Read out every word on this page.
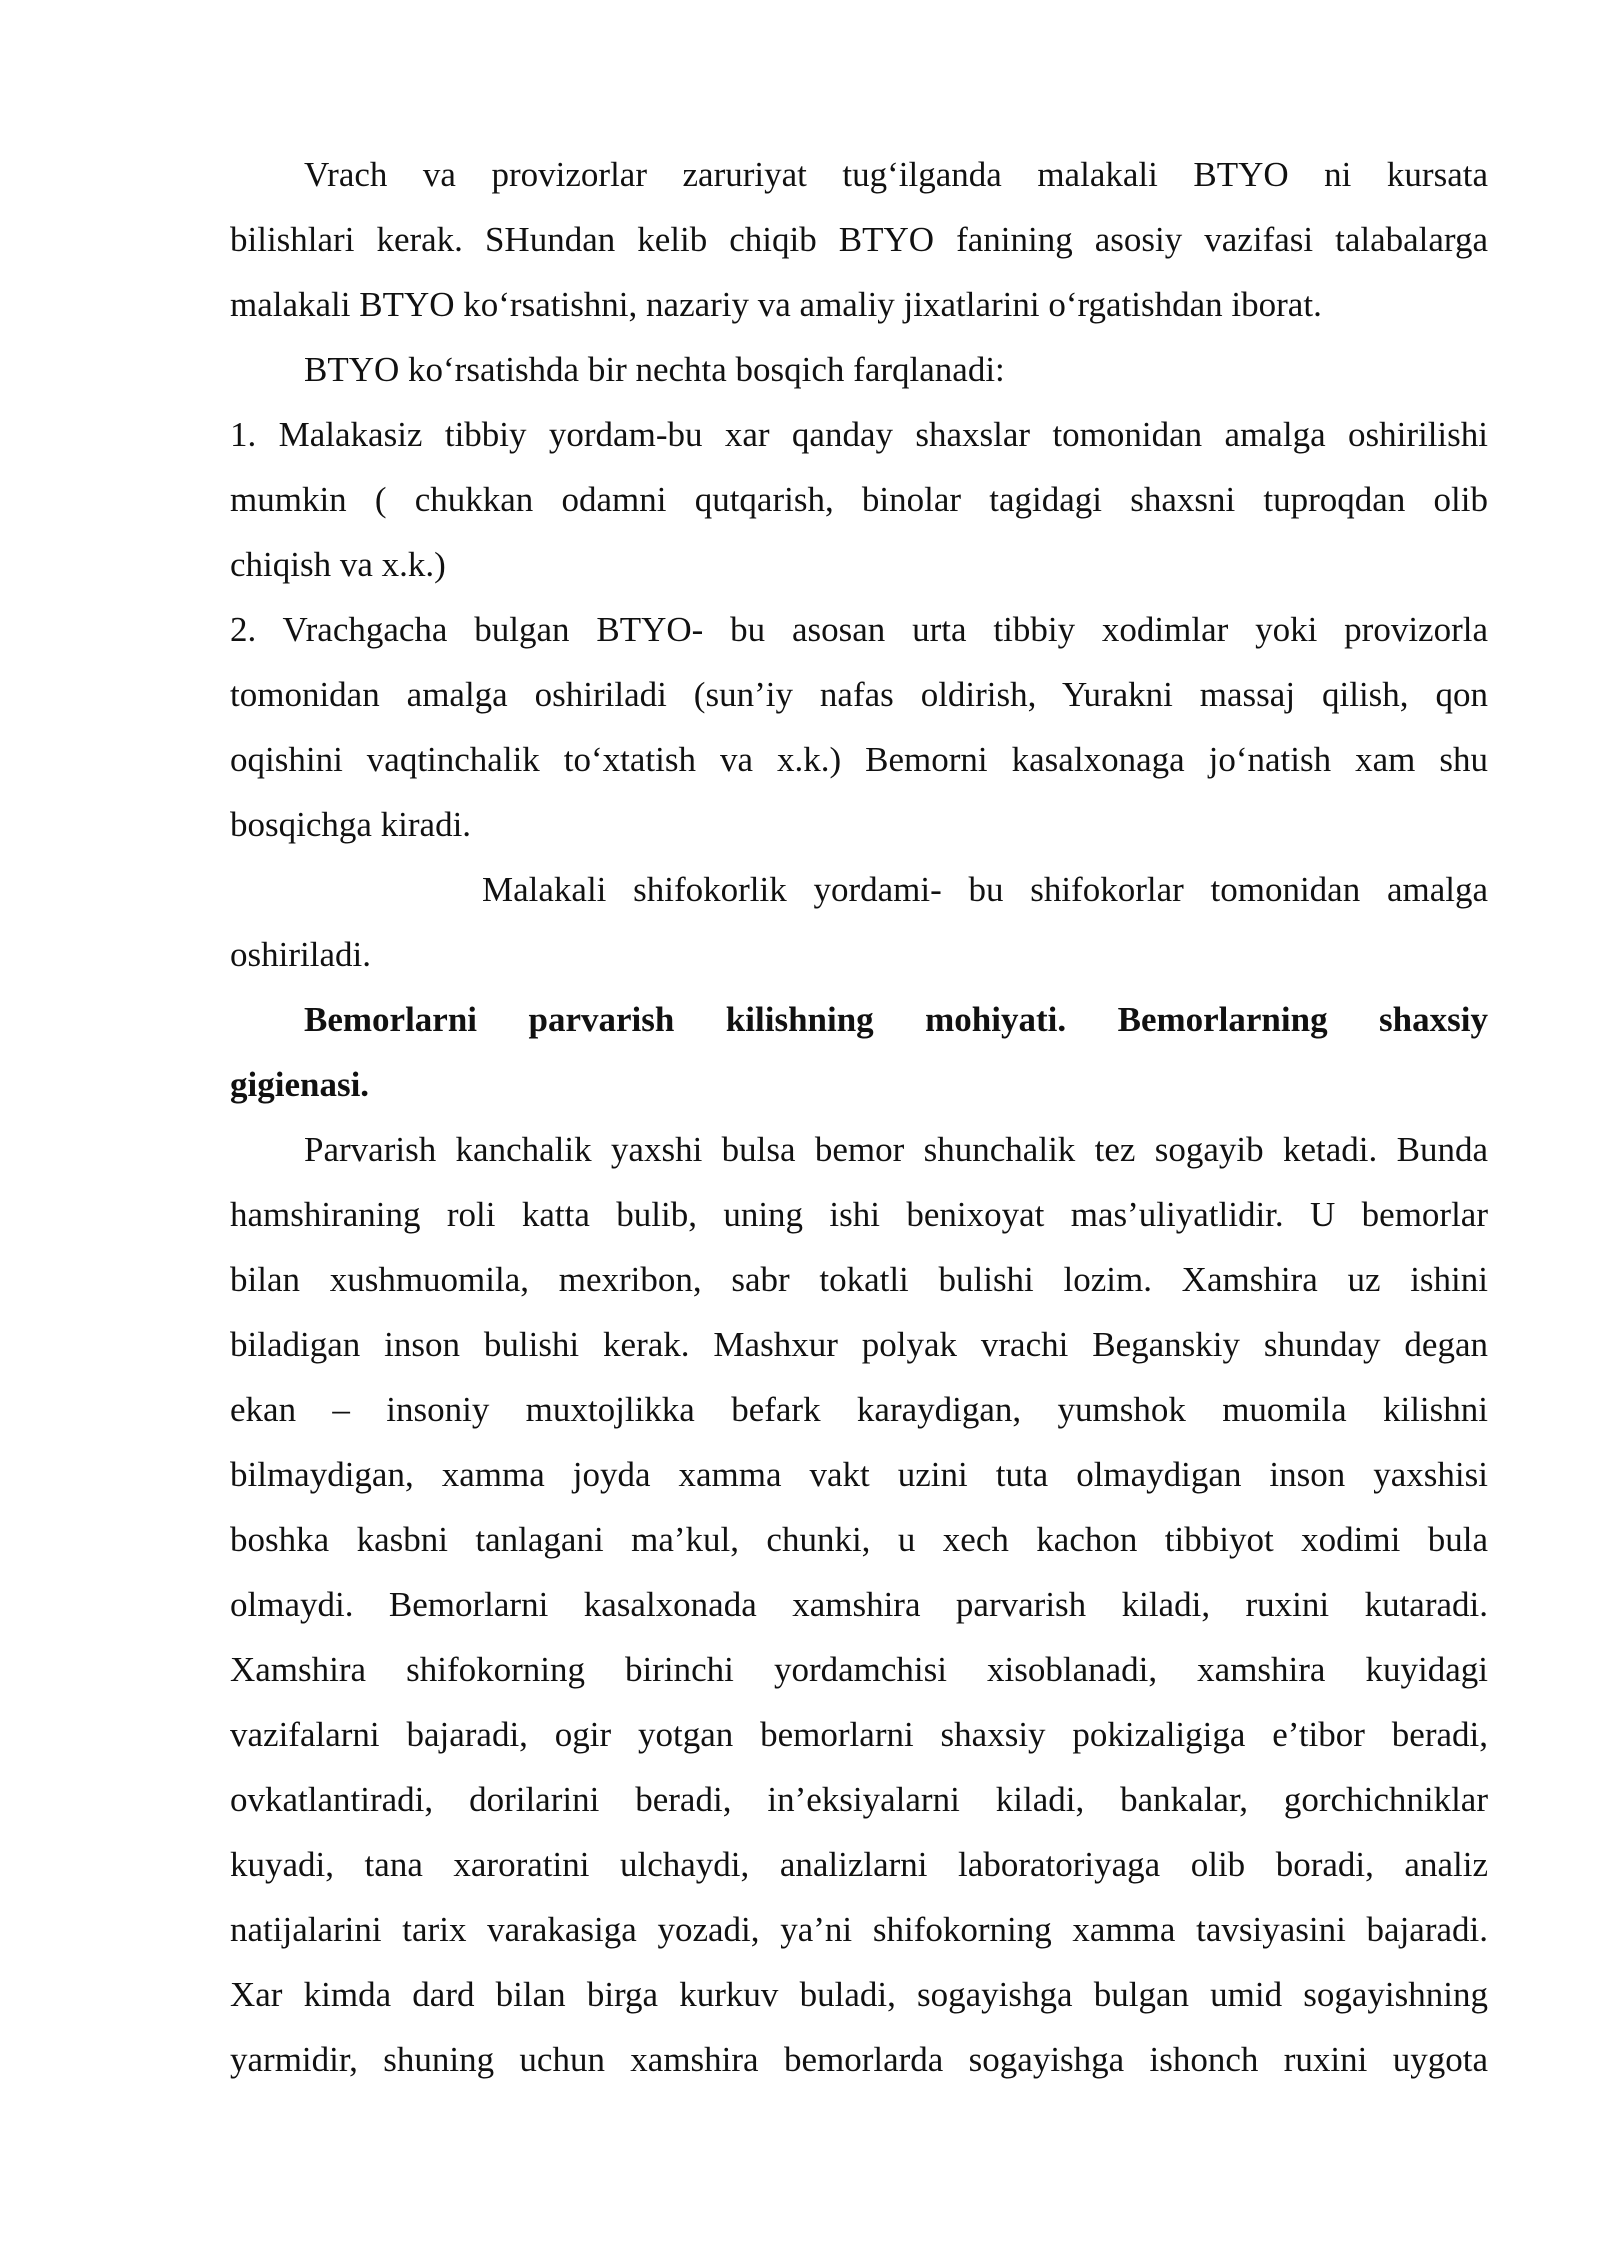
Vrach va provizorlar zaruriyat tug‘ilganda malakali BTYO ni kursata
bilishlari kerak. SHundan kelib chiqib BTYO fanining asosiy vazifasi talabalarga
malakali BTYO ko‘rsatishni, nazariy va amaliy jixatlarini o‘rgatishdan iborat.
BTYO ko‘rsatishda bir nechta bosqich farqlanadi:
1. Malakasiz tibbiy yordam-bu xar qanday shaxslar tomonidan amalga oshirilishi
mumkin ( chukkan odamni qutqarish, binolar tagidagi shaxsni tuproqdan olib
chiqish va x.k.)
2. Vrachgacha bulgan BTYO- bu asosan urta tibbiy xodimlar yoki provizorla
tomonidan amalga oshiriladi (sun’iy nafas oldirish, Yurakni massaj qilish, qon
oqishini vaqtinchalik to‘xtatish va x.k.) Bemorni kasalxonaga jo‘natish xam shu
bosqichga kiradi.
Malakali shifokorlik yordami- bu shifokorlar tomonidan amalga
oshiriladi.
Bemorlarni parvarish kilishning mohiyati. Bemorlarning shaxsiy
gigienasi.
Parvarish kanchalik yaxshi bulsa bemor shunchalik tez sogayib ketadi. Bunda
hamshiraning roli katta bulib, uning ishi benixoyat mas’uliyatlidir. U bemorlar
bilan xushmuomila, mexribon, sabr tokatli bulishi lozim. Xamshira uz ishini
biladigan inson bulishi kerak. Mashxur polyak vrachi Beganskiy shunday degan
ekan – insoniy muxtojlikka befark karaydigan, yumshok muomila kilishni
bilmaydigan, xamma joyda xamma vakt uzini tuta olmaydigan inson yaxshisi
boshka kasbni tanlagani ma’kul, chunki, u xech kachon tibbiyot xodimi bula
olmaydi. Bemorlarni kasalxonada xamshira parvarish kiladi, ruxini kutaradi.
Xamshira shifokorning birinchi yordamchisi xisoblanadi, xamshira kuyidagi
vazifalarni bajaradi, ogir yotgan bemorlarni shaxsiy pokizaligiga e’tibor beradi,
ovkatlantiradi, dorilarini beradi, in’eksiyalarni kiladi, bankalar, gorchichniklar
kuyadi, tana xaroratini ulchaydi, analizlarni laboratoriyaga olib boradi, analiz
natijalarini tarix varakasiga yozadi, ya’ni shifokorning xamma tavsiyasini bajaradi.
Xar kimda dard bilan birga kurkuv buladi, sogayishga bulgan umid sogayishning
yarmidir, shuning uchun xamshira bemorlarda sogayishga ishonch ruxini uygota
